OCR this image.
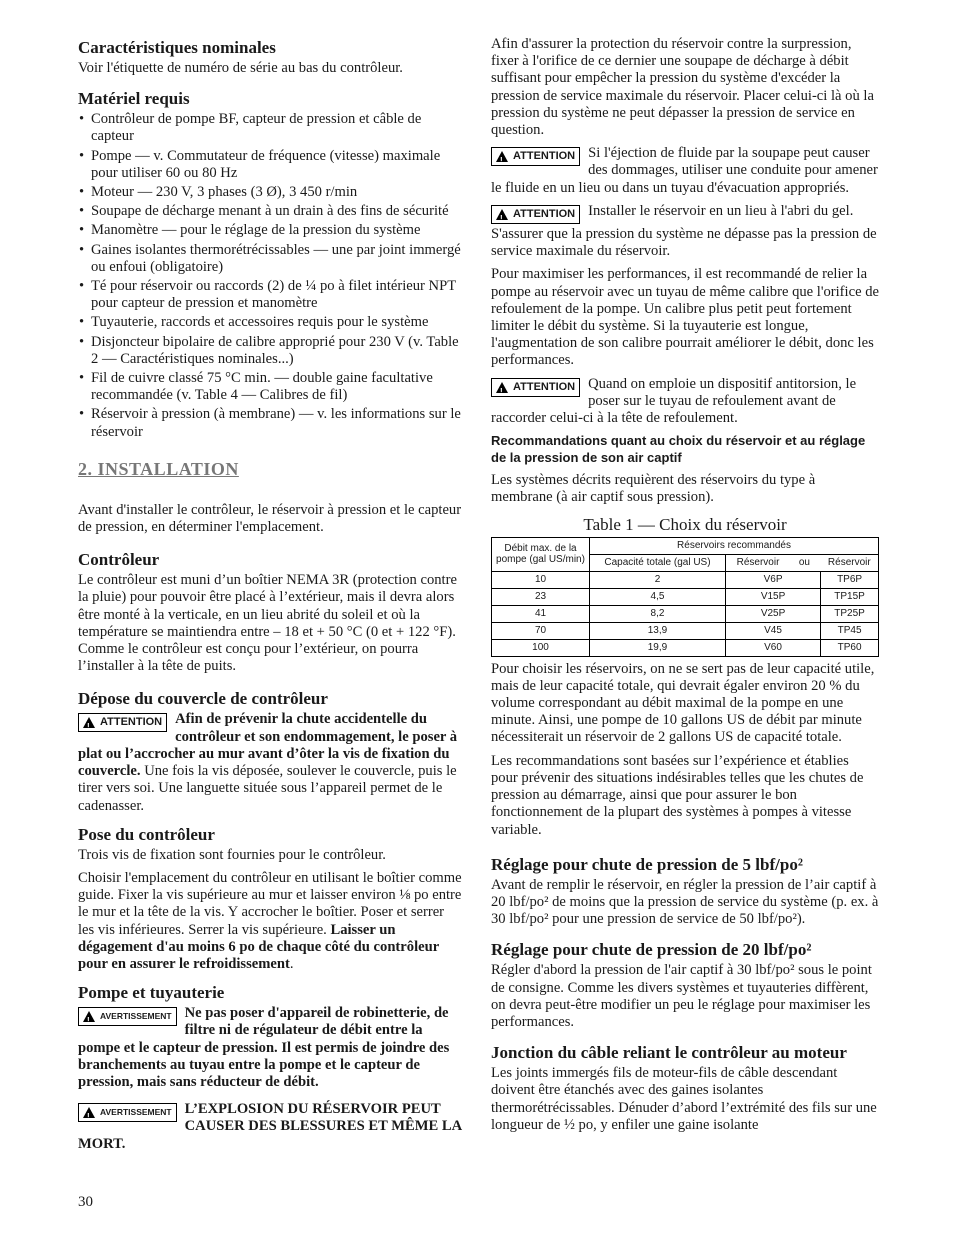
Caractéristiques nominales
Voir l'étiquette de numéro de série au bas du contrôleur.
Matériel requis
• Contrôleur de pompe BF, capteur de pression et câble de capteur
• Pompe — v. Commutateur de fréquence (vitesse) maximale pour utiliser 60 ou 80 Hz
• Moteur — 230 V, 3 phases (3 Ø), 3 450 r/min
• Soupape de décharge menant à un drain à des fins de sécurité
• Manomètre — pour le réglage de la pression du système
• Gaines isolantes thermorétrécissables — une par joint immergé ou enfoui (obligatoire)
• Té pour réservoir ou raccords (2) de ¼ po à filet intérieur NPT pour capteur de pression et manomètre
• Tuyauterie, raccords et accessoires requis pour le système
• Disjoncteur bipolaire de calibre approprié pour 230 V (v. Table 2 — Caractéristiques nominales...)
• Fil de cuivre classé 75 °C min. — double gaine facultative recommandée (v. Table 4 — Calibres de fil)
• Réservoir à pression (à membrane) — v. les informations sur le réservoir
2. INSTALLATION
Avant d'installer le contrôleur, le réservoir à pression et le capteur de pression, en déterminer l'emplacement.
Contrôleur
Le contrôleur est muni d’un boîtier NEMA 3R (protection contre la pluie) pour pouvoir être placé à l’extérieur, mais il devra alors être monté à la verticale, en un lieu abrité du soleil et où la température se maintiendra entre – 18 et + 50 °C (0 et + 122 °F). Comme le contrôleur est conçu pour l’extérieur, on pourra l’installer à la tête de puits.
Dépose du couvercle de contrôleur
!
ATTENTION Afin de prévenir la chute accidentelle du contrôleur et son endommagement, le poser à plat ou l’accrocher au mur avant d’ôter la vis de fixation du couvercle. Une fois la vis déposée, soulever le couvercle, puis le tirer vers soi. Une languette située sous l’appareil permet de le cadenasser.
Pose du contrôleur
Trois vis de fixation sont fournies pour le contrôleur.
Choisir l'emplacement du contrôleur en utilisant le boîtier comme guide. Fixer la vis supérieure au mur et laisser environ ⅛ po entre le mur et la tête de la vis. Y accrocher le boîtier. Poser et serrer les vis inférieures. Serrer la vis supérieure. Laisser un dégagement d'au moins 6 po de chaque côté du contrôleur pour en assurer le refroidissement.
Pompe et tuyauterie
!
AVERTISSEMENT Ne pas poser d'appareil de robinetterie, de filtre ni de régulateur de débit entre la pompe et le capteur de pression. Il est permis de joindre des branchements au tuyau entre la pompe et le capteur de pression, mais sans réducteur de débit.
!
AVERTISSEMENT L’EXPLOSION DU RÉSERVOIR PEUT CAUSER DES BLESSURES ET MÊME LA MORT.
30
Afin d'assurer la protection du réservoir contre la surpression, fixer à l'orifice de ce dernier une soupape de décharge à débit suffisant pour empêcher la pression du système d'excéder la pression de service maximale du réservoir. Placer celui-ci là où la pression du système ne peut dépasser la pression de service en question.
!
ATTENTION Si l'éjection de fluide par la soupape peut causer des dommages, utiliser une conduite pour amener le fluide en un lieu ou dans un tuyau d'évacuation appropriés.
!
ATTENTION Installer le réservoir en un lieu à l'abri du gel.
S'assurer que la pression du système ne dépasse pas la pression de service maximale du réservoir.
Pour maximiser les performances, il est recommandé de relier la pompe au réservoir avec un tuyau de même calibre que l'orifice de refoulement de la pompe. Un calibre plus petit peut fortement limiter le débit du système. Si la tuyauterie est longue, l'augmentation de son calibre pourrait améliorer le débit, donc les performances.
!
ATTENTION Quand on emploie un dispositif antitorsion, le poser sur le tuyau de refoulement avant de raccorder celui-ci à la tête de refoulement.
Recommandations quant au choix du réservoir et au réglage de la pression de son air captif
Les systèmes décrits requièrent des réservoirs du type à membrane (à air captif sous pression).
Table 1 — Choix du réservoir
Débit max. de la pompe (gal US/min)	Réservoirs recommandés		
	Capacité totale (gal US)	Réservoir ou	Réservoir
10	2	V6P	TP6P
23	4,5	V15P	TP15P
41	8,2	V25P	TP25P
70	13,9	V45	TP45
100	19,9	V60	TP60
Pour choisir les réservoirs, on ne se sert pas de leur capacité utile, mais de leur capacité totale, qui devrait égaler environ 20 % du volume correspondant au débit maximal de la pompe en une minute. Ainsi, une pompe de 10 gallons US de débit par minute nécessiterait un réservoir de 2 gallons US de capacité totale.
Les recommandations sont basées sur l’expérience et établies pour prévenir des situations indésirables telles que les chutes de pression au démarrage, ainsi que pour assurer le bon fonctionnement de la plupart des systèmes à pompes à vitesse variable.
Réglage pour chute de pression de 5 lbf/po²
Avant de remplir le réservoir, en régler la pression de l’air captif à 20 lbf/po² de moins que la pression de service du système (p. ex. à 30 lbf/po² pour une pression de service de 50 lbf/po²).
Réglage pour chute de pression de 20 lbf/po²
Régler d'abord la pression de l'air captif à 30 lbf/po² sous le point de consigne. Comme les divers systèmes et tuyauteries diffèrent, on devra peut-être modifier un peu le réglage pour maximiser les performances.
Jonction du câble reliant le contrôleur au moteur
Les joints immergés fils de moteur-fils de câble descendant doivent être étanchés avec des gaines isolantes thermorétrécissables. Dénuder d’abord l’extrémité des fils sur une longueur de ½ po, y enfiler une gaine isolante
